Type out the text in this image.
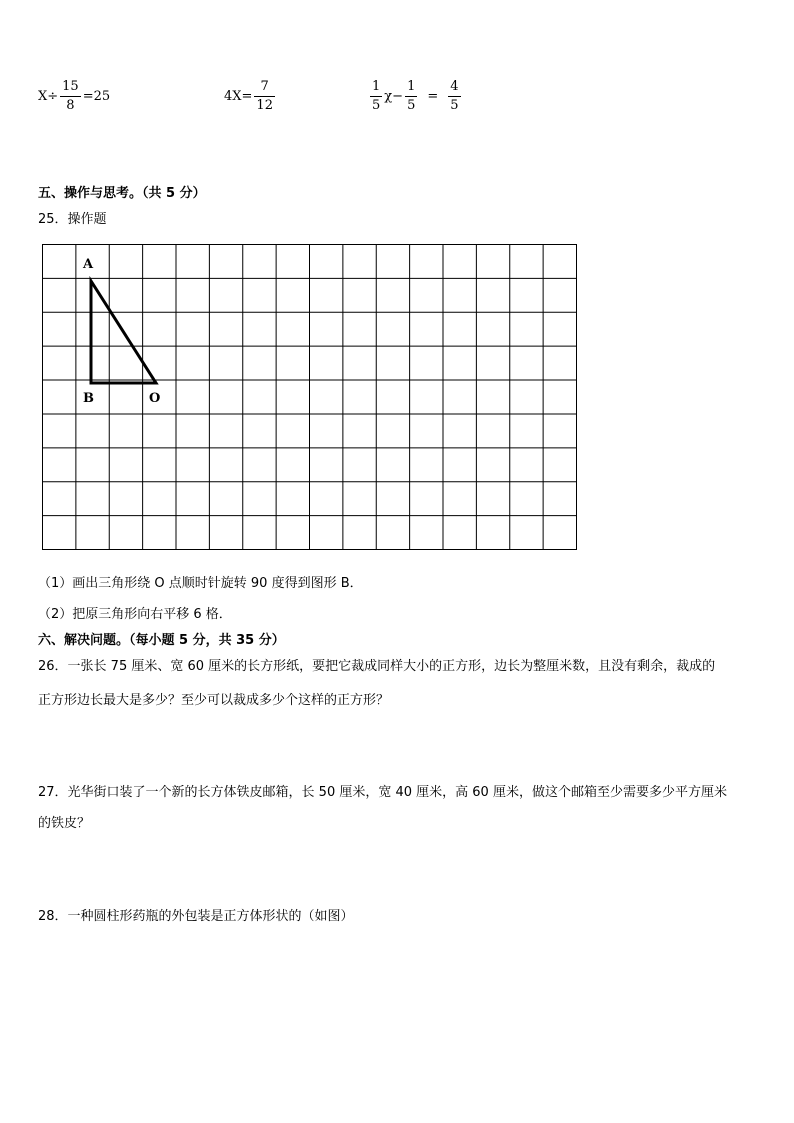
$X\div \frac{15}{8} =25$	$4X= \frac{7}{12}$	$\frac{1}{5} \chi- \frac{1}{5} = \frac{4}{5}$
五、操作与思考。（共 5 分）
25．操作题
A
B	O
（1）画出三角形绕 O 点顺时针旋转 90 度得到图形 B．
（2）把原三角形向右平移 6 格．
六、解决问题。（每小题 5 分，共 35 分）
26．一张长 75 厘米、宽 60 厘米的长方形纸，要把它裁成同样大小的正方形，边长为整厘米数，且没有剩余，裁成的
正方形边长最大是多少？至少可以裁成多少个这样的正方形？
27．光华街口装了一个新的长方体铁皮邮箱，长 50 厘米，宽 40 厘米，高 60 厘米，做这个邮箱至少需要多少平方厘米
的铁皮？
28．一种圆柱形药瓶的外包装是正方体形状的（如图）
